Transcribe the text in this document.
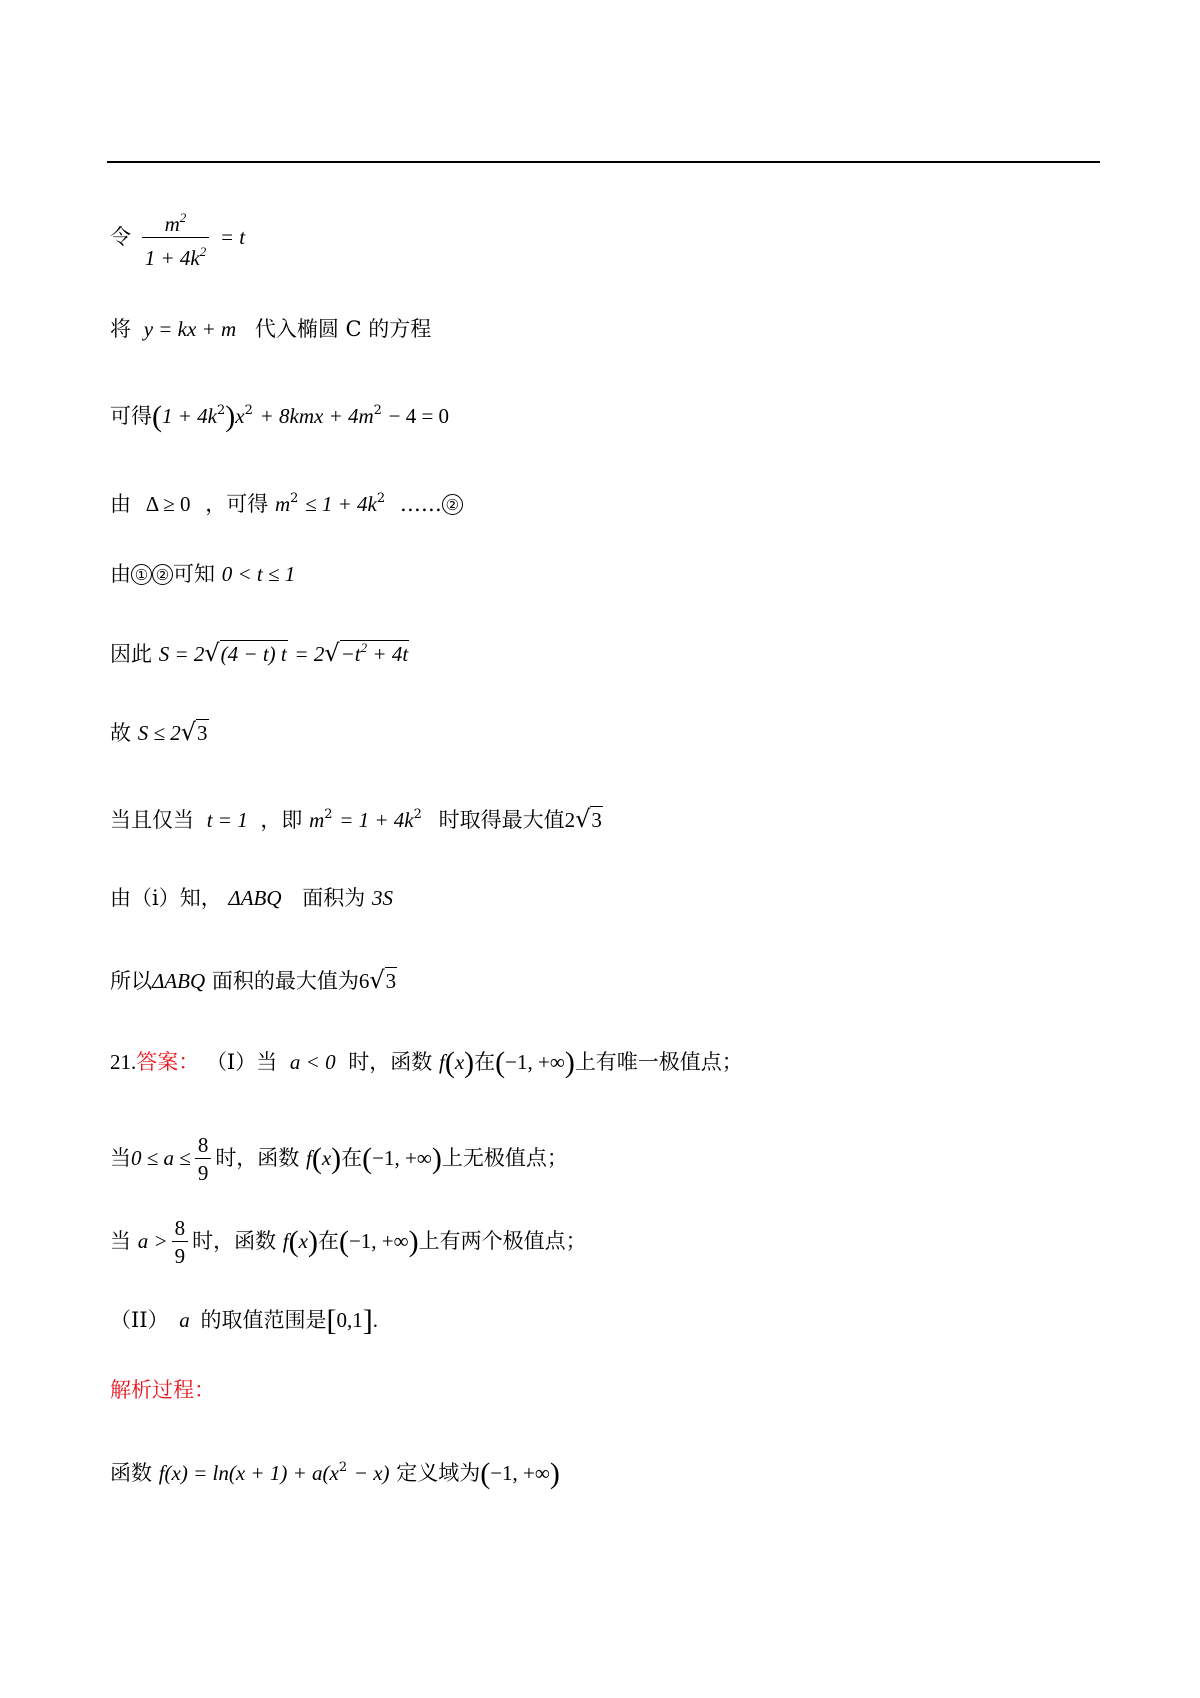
令 $\frac{m^2}{1 + 4k^2} = t$
将 y = kx + m 代入椭圆 C 的方程
可得$(1 + 4k^2)x^2 + 8kmx + 4m^2 - 4 = 0$
由 Δ ≥ 0 ，可得 $m^2 \le 1 + 4k^2$ …… ②
由 ① ② 可知 0 < t ≤ 1
因此 S = 2√(4 − t) $t = 2√-t^2 + 4t$
故 S ≤ 2√3
当且仅当 t = 1 ，即 $m^2 = 1 + 4k^2$ 时取得最大值2√3
由（i）知， ΔABQ 面积为 3S
所以ΔABQ 面积的最大值为6√3
21.答案： （I）当 a < 0 时，函数 f(x)在(−1, +∞)上有唯一极值点；
当$0 \le a \le \frac{8}{9}$ 时，函数 f(x)在(−1, +∞)上无极值点；
当 $a > \frac{8}{9}$ 时，函数 f(x)在(−1, +∞)上有两个极值点；
（II） a 的取值范围是[0,1].
解析过程：
函数 $f(x) = \ln(x + 1) + a(x^2 - x)$ 定义域为(−1, +∞)
